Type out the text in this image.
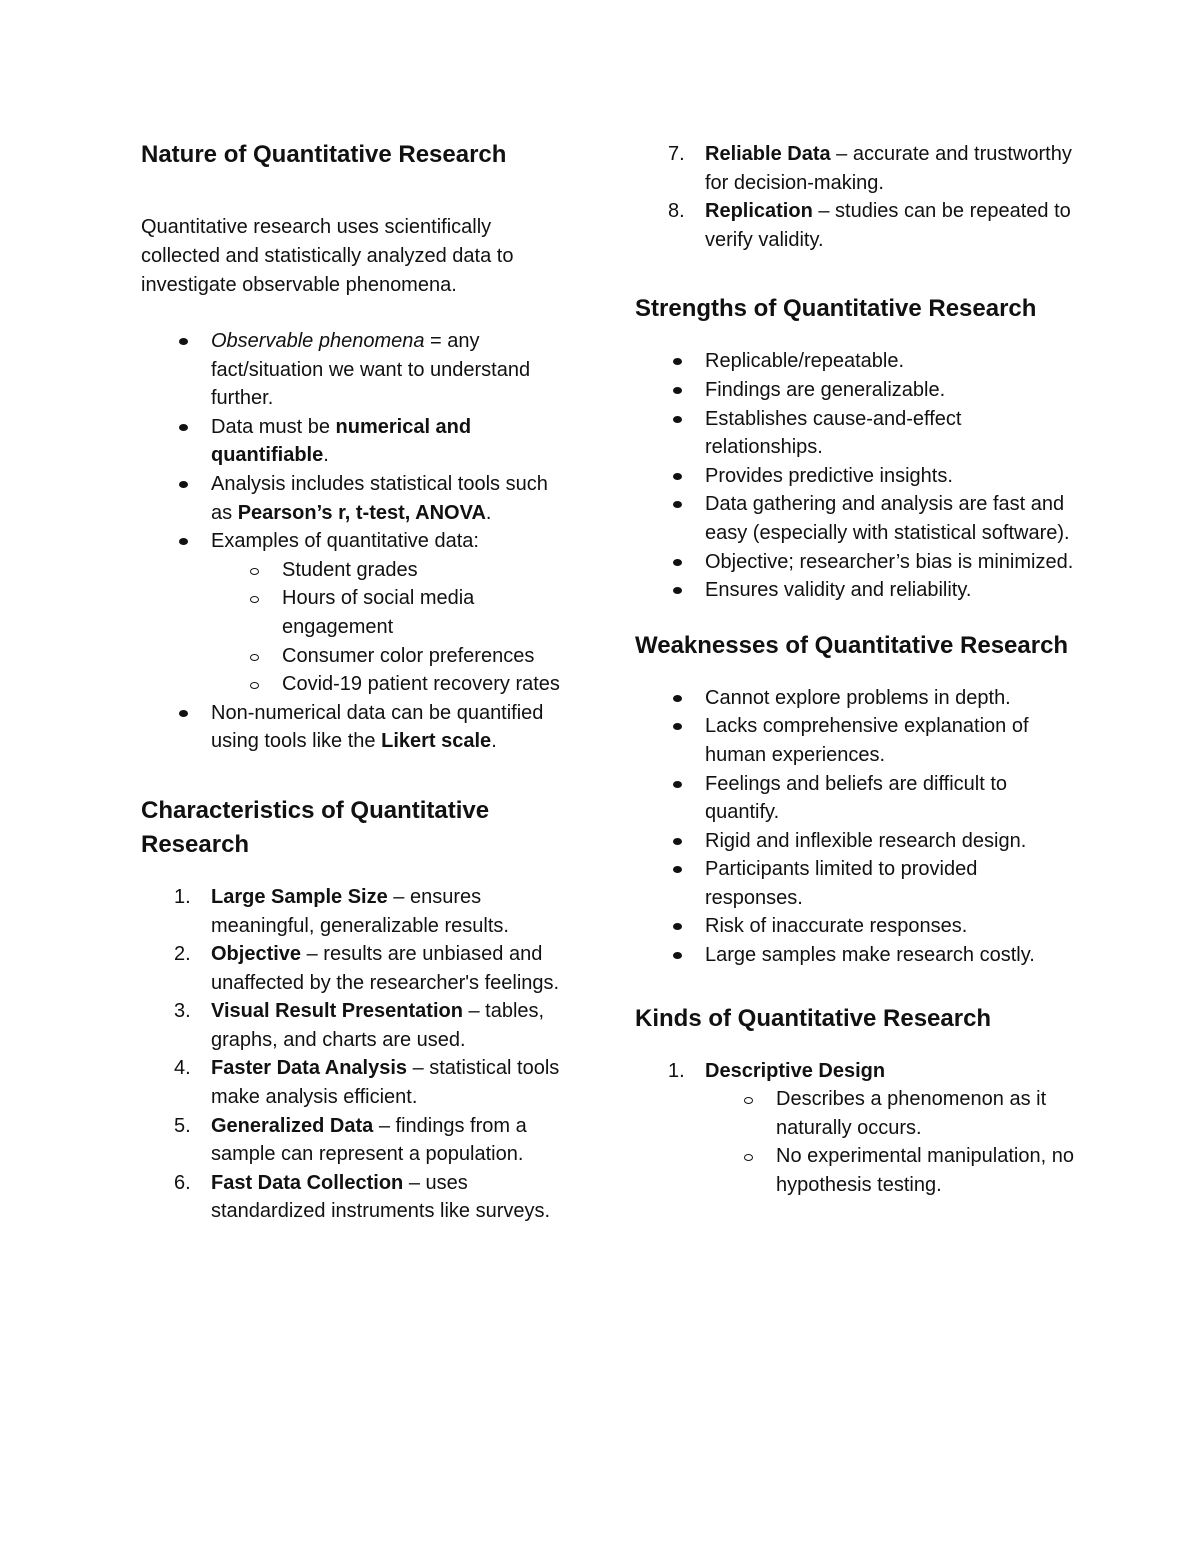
Nature of Quantitative Research

Quantitative research uses scientifically collected and statistically analyzed data to investigate observable phenomena.

Observable phenomena = any fact/situation we want to understand further.
Data must be numerical and quantifiable.
Analysis includes statistical tools such as Pearson’s r, t-test, ANOVA.
Examples of quantitative data:
Student grades
Hours of social media engagement
Consumer color preferences
Covid-19 patient recovery rates
Non-numerical data can be quantified using tools like the Likert scale.
Characteristics of Quantitative Research
1. Large Sample Size – ensures meaningful, generalizable results.
2. Objective – results are unbiased and unaffected by the researcher's feelings.
3. Visual Result Presentation – tables, graphs, and charts are used.
4. Faster Data Analysis – statistical tools make analysis efficient.
5. Generalized Data – findings from a sample can represent a population.
6. Fast Data Collection – uses standardized instruments like surveys.
7. Reliable Data – accurate and trustworthy for decision-making.
8. Replication – studies can be repeated to verify validity.
Strengths of Quantitative Research
Replicable/repeatable.
Findings are generalizable.
Establishes cause-and-effect relationships.
Provides predictive insights.
Data gathering and analysis are fast and easy (especially with statistical software).
Objective; researcher’s bias is minimized.
Ensures validity and reliability.
Weaknesses of Quantitative Research
Cannot explore problems in depth.
Lacks comprehensive explanation of human experiences.
Feelings and beliefs are difficult to quantify.
Rigid and inflexible research design.
Participants limited to provided responses.
Risk of inaccurate responses.
Large samples make research costly.
Kinds of Quantitative Research
1. Descriptive Design
Describes a phenomenon as it naturally occurs.
No experimental manipulation, no hypothesis testing.
